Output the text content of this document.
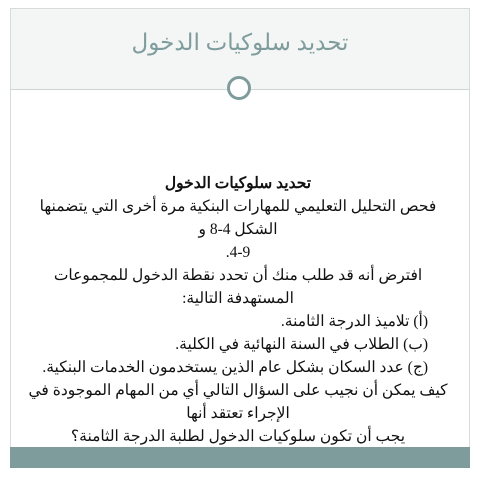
تحديد سلوكيات الدخول

تحديد سلوكيات الدخول

فحص التحليل التعليمي للمهارات البنكية مرة أخرى التي يتضمنها الشكل 4-8 و

4-9.

افترض أنه قد طلب منك أن تحدد نقطة الدخول للمجموعات المستهدفة التالية:

(أ) تلاميذ الدرجة الثامنة.

(ب) الطلاب في السنة النهائية في الكلية.

(ج) عدد السكان بشكل عام الذين يستخدمون الخدمات البنكية.

كيف يمكن أن نجيب على السؤال التالي أي من المهام الموجودة في الإجراء تعتقد أنها

يجب أن تكون سلوكيات الدخول لطلبة الدرجة الثامنة؟
